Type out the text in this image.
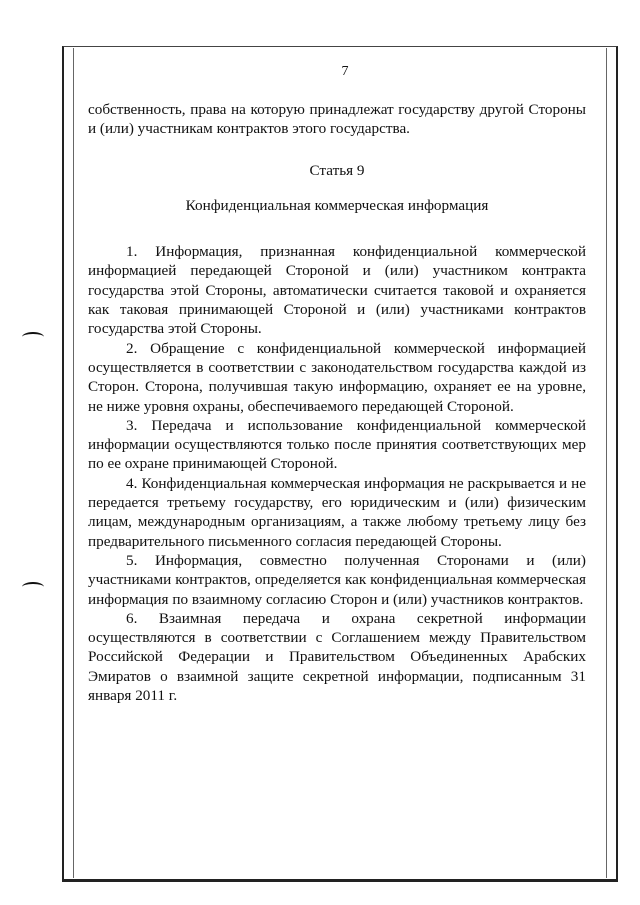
7

собственность, права на которую принадлежат государству другой Стороны и (или) участникам контрактов этого государства.

Статья 9

Конфиденциальная коммерческая информация

1. Информация, признанная конфиденциальной коммерческой информацией передающей Стороной и (или) участником контракта государства этой Стороны, автоматически считается таковой и охраняется как таковая принимающей Стороной и (или) участниками контрактов государства этой Стороны.

2. Обращение с конфиденциальной коммерческой информацией осуществляется в соответствии с законодательством государства каждой из Сторон. Сторона, получившая такую информацию, охраняет ее на уровне, не ниже уровня охраны, обеспечиваемого передающей Стороной.

3. Передача и использование конфиденциальной коммерческой информации осуществляются только после принятия соответствующих мер по ее охране принимающей Стороной.

4. Конфиденциальная коммерческая информация не раскрывается и не передается третьему государству, его юридическим и (или) физическим лицам, международным организациям, а также любому третьему лицу без предварительного письменного согласия передающей Стороны.

5. Информация, совместно полученная Сторонами и (или) участниками контрактов, определяется как конфиденциальная коммерческая информация по взаимному согласию Сторон и (или) участников контрактов.

6. Взаимная передача и охрана секретной информации осуществляются в соответствии с Соглашением между Правительством Российской Федерации и Правительством Объединенных Арабских Эмиратов о взаимной защите секретной информации, подписанным 31 января 2011 г.
